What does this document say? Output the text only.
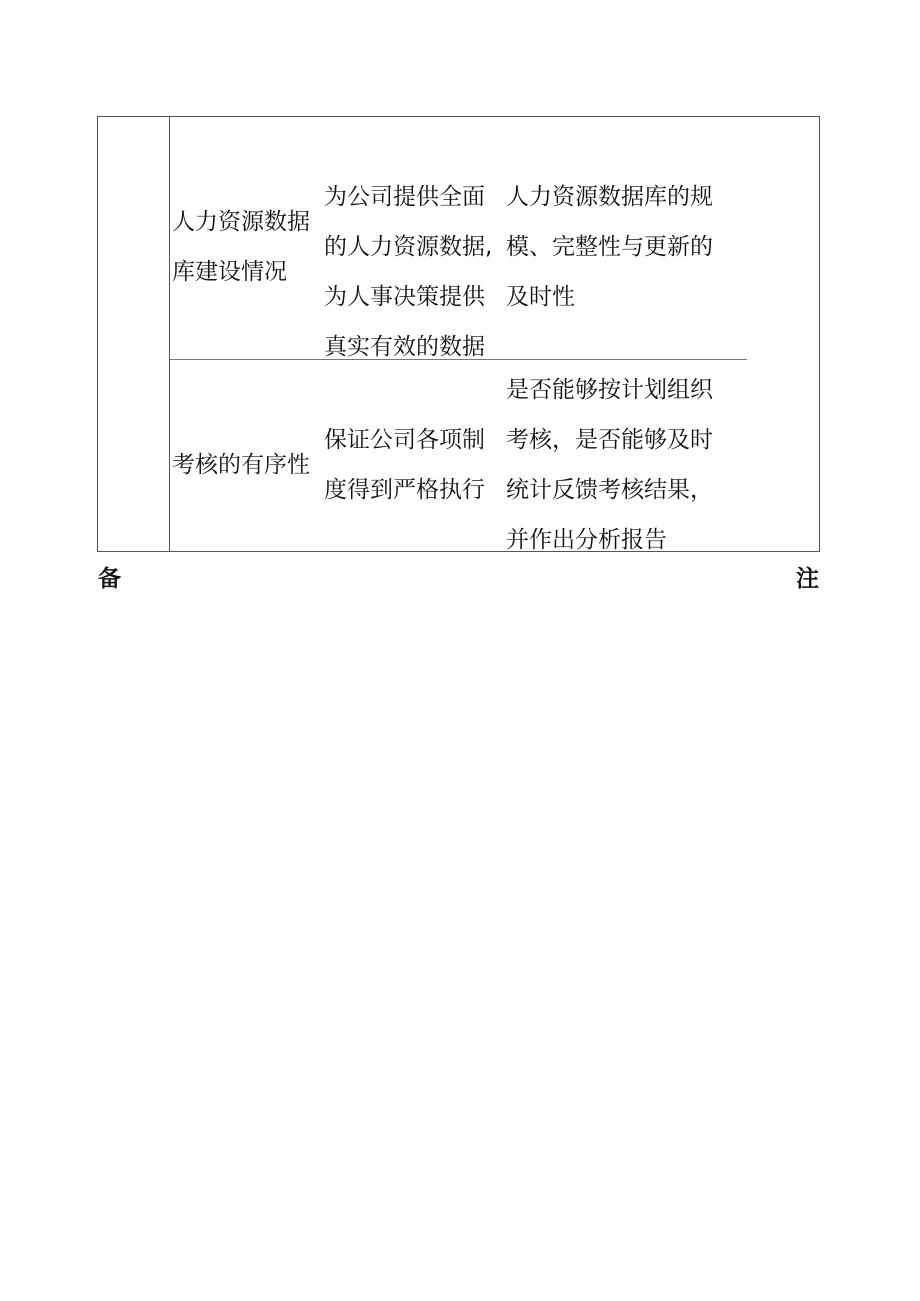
人力资源数据
库建设情况
为公司提供全面
的人力资源数据,
为人事决策提供
真实有效的数据
人力资源数据库的规
模、完整性与更新的
及时性
考核的有序性
保证公司各项制
度得到严格执行
是否能够按计划组织
考核，是否能够及时
统计反馈考核结果，
并作出分析报告
备	注
